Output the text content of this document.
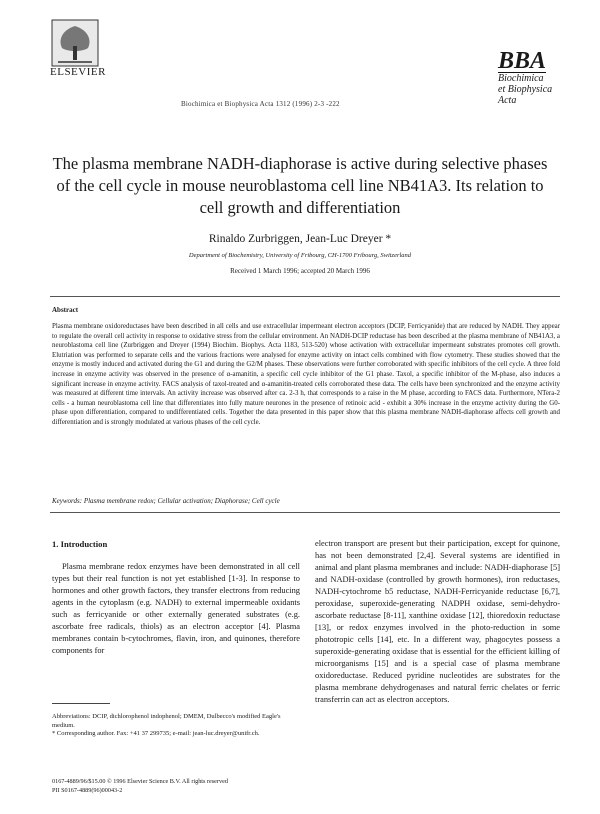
ELSEVIER
Biochimica et Biophysica Acta 1312 (1996) 2-3 -222
BBA
Biochimica
et Biophysica Acta
The plasma membrane NADH-diaphorase is active during selective phases of the cell cycle in mouse neuroblastoma cell line NB41A3. Its relation to cell growth and differentiation
Rinaldo Zurbriggen, Jean-Luc Dreyer *
Department of Biochemistry, University of Fribourg, CH-1700 Fribourg, Switzerland
Received 1 March 1996; accepted 20 March 1996
Abstract
Plasma membrane oxidoreductases have been described in all cells and use extracellular impermeant electron acceptors (DCIP, Ferricyanide) that are reduced by NADH. They appear to regulate the overall cell activity in response to oxidative stress from the cellular environment. An NADH-DCIP reductase has been described at the plasma membrane of NB41A3, a neuroblastoma cell line (Zurbriggen and Dreyer (1994) Biochim. Biophys. Acta 1183, 513-520) whose activation with extracellular impermeant substrates promotes cell growth. Elutriation was performed to separate cells and the various fractions were analysed for enzyme activity on intact cells combined with flow cytometry. These studies showed that the enzyme is mostly induced and activated during the G1 and during the G2/M phases. These observations were further corroborated with specific inhibitors of the cell cycle. A three fold increase in enzyme activity was observed in the presence of α-amanitin, a specific cell cycle inhibitor of the G1 phase. Taxol, a specific inhibitor of the M-phase, also induces a significant increase in enzyme activity. FACS analysis of taxol-treated and α-amanitin-treated cells corroborated these data. The cells have been synchronized and the enzyme activity was measured at different time intervals. An activity increase was observed after ca. 2-3 h, that corresponds to a raise in the M phase, according to FACS data. Furthermore, NTera-2 cells - a human neuroblastoma cell line that differentiates into fully mature neurones in the presence of retinoic acid - exhibit a 30% increase in the enzyme activity during the G0-phase upon differentiation, compared to undifferentiated cells. Together the data presented in this paper show that this plasma membrane NADH-diaphorase affects cell growth and differentiation and is strongly modulated at various phases of the cell cycle.
Keywords: Plasma membrane redox; Cellular activation; Diaphorase; Cell cycle
1. Introduction

Plasma membrane redox enzymes have been demonstrated in all cell types but their real function is not yet established [1-3]. In response to hormones and other growth factors, they transfer electrons from reducing agents in the cytoplasm (e.g. NADH) to external impermeable oxidants such as ferricyanide or other externally generated substrates (e.g. ascorbate free radicals, thiols) as an electron acceptor [4]. Plasma membranes contain b-cytochromes, flavin, iron, and quinones, therefore components for

electron transport are present but their participation, except for quinone, has not been demonstrated [2,4]. Several systems are identified in animal and plant plasma membranes and include: NADH-diaphorase [5] and NADH-oxidase (controlled by growth hormones), iron reductases, NADH-cytochrome b5 reductase, NADH-Ferricyanide reductase [6,7], peroxidase, superoxide-generating NADPH oxidase, semi-dehydro-ascorbate reductase [8-11], xanthine oxidase [12], thioredoxin reductase [13], or redox enzymes involved in the photo-reduction in some phototropic cells [14], etc. In a different way, phagocytes possess a superoxide-generating oxidase that is essential for the efficient killing of microorganisms [15] and is a special case of plasma membrane oxidoreductase. Reduced pyridine nucleotides are substrates for the plasma membrane dehydrogenases and natural ferric chelates or ferric transferrin can act as electron acceptors.

Abbreviations: DCIP, dichlorophenol indophenol; DMEM, Dulbecco's modified Eagle's medium.
* Corresponding author. Fax: +41 37 299735; e-mail: jean-luc.dreyer@unifr.ch.
0167-4889/96/$15.00 © 1996 Elsevier Science B.V. All rights reserved
PII S0167-4889(96)00043-2
